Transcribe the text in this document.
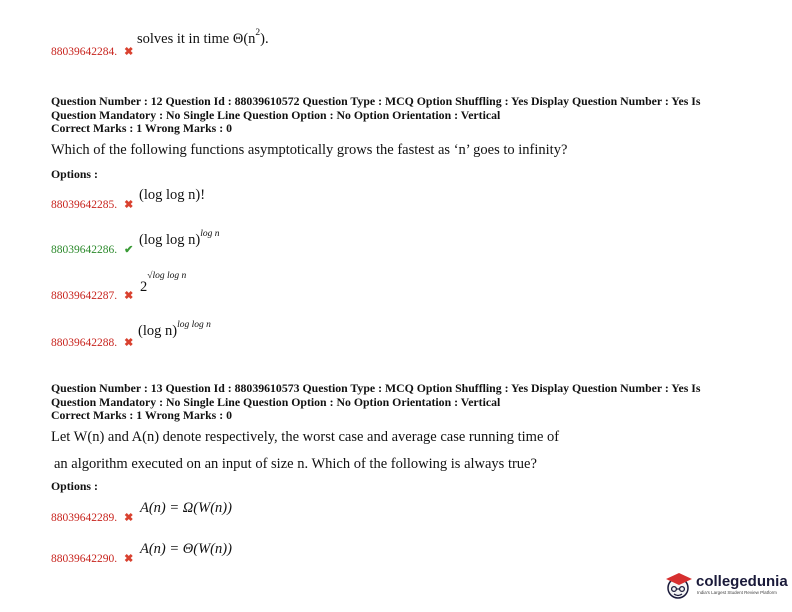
88039642284. ✖
solves it in time $\Theta(n^2)$.
Question Number : 12 Question Id : 88039610572 Question Type : MCQ Option Shuffling : Yes Display Question Number : Yes Is
Question Mandatory : No Single Line Question Option : No Option Orientation : Vertical
Correct Marks : 1 Wrong Marks : 0
Which of the following functions asymptotically grows the fastest as ‘n’ goes to infinity?
Options :
88039642285. ✖
(log log n)!
88039642286. ✔
(log log n)$^{log n}$
88039642287. ✖
$2^{√log log n}$
88039642288. ✖
(log n)$^{log log n}$
Question Number : 13 Question Id : 88039610573 Question Type : MCQ Option Shuffling : Yes Display Question Number : Yes Is
Question Mandatory : No Single Line Question Option : No Option Orientation : Vertical
Correct Marks : 1 Wrong Marks : 0
Let W(n) and A(n) denote respectively, the worst case and average case running time of
an algorithm executed on an input of size n. Which of the following is always true?
Options :
88039642289. ✖
A(n) = Ω(W(n))
88039642290. ✖
A(n) = Θ(W(n))
collegedunia
India's Largest Student Review Platform
